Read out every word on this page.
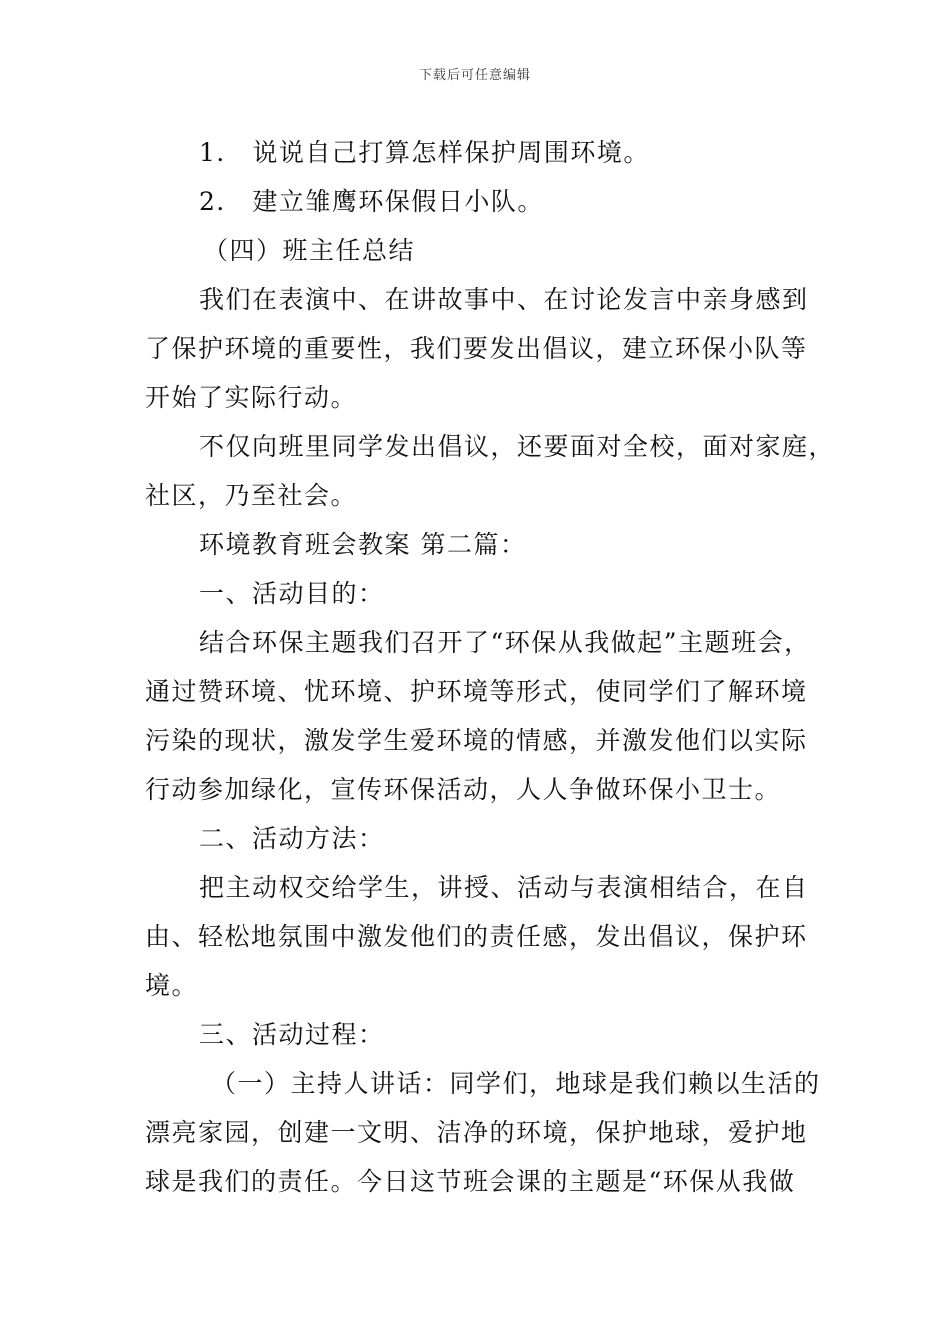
下载后可任意编辑
1． 说说自己打算怎样保护周围环境。
2． 建立雏鹰环保假日小队。
（四）班主任总结
我们在表演中、在讲故事中、在讨论发言中亲身感到
了保护环境的重要性，我们要发出倡议，建立环保小队等
开始了实际行动。
不仅向班里同学发出倡议，还要面对全校，面对家庭，
社区，乃至社会。
环境教育班会教案 第二篇：
一、活动目的：
结合环保主题我们召开了“环保从我做起”主题班会，
通过赞环境、忧环境、护环境等形式，使同学们了解环境
污染的现状，激发学生爱环境的情感，并激发他们以实际
行动参加绿化，宣传环保活动，人人争做环保小卫士。
二、活动方法：
把主动权交给学生，讲授、活动与表演相结合，在自
由、轻松地氛围中激发他们的责任感，发出倡议，保护环
境。
三、活动过程：
（一）主持人讲话：同学们，地球是我们赖以生活的
漂亮家园，创建一文明、洁净的环境，保护地球，爱护地
球是我们的责任。今日这节班会课的主题是“环保从我做
